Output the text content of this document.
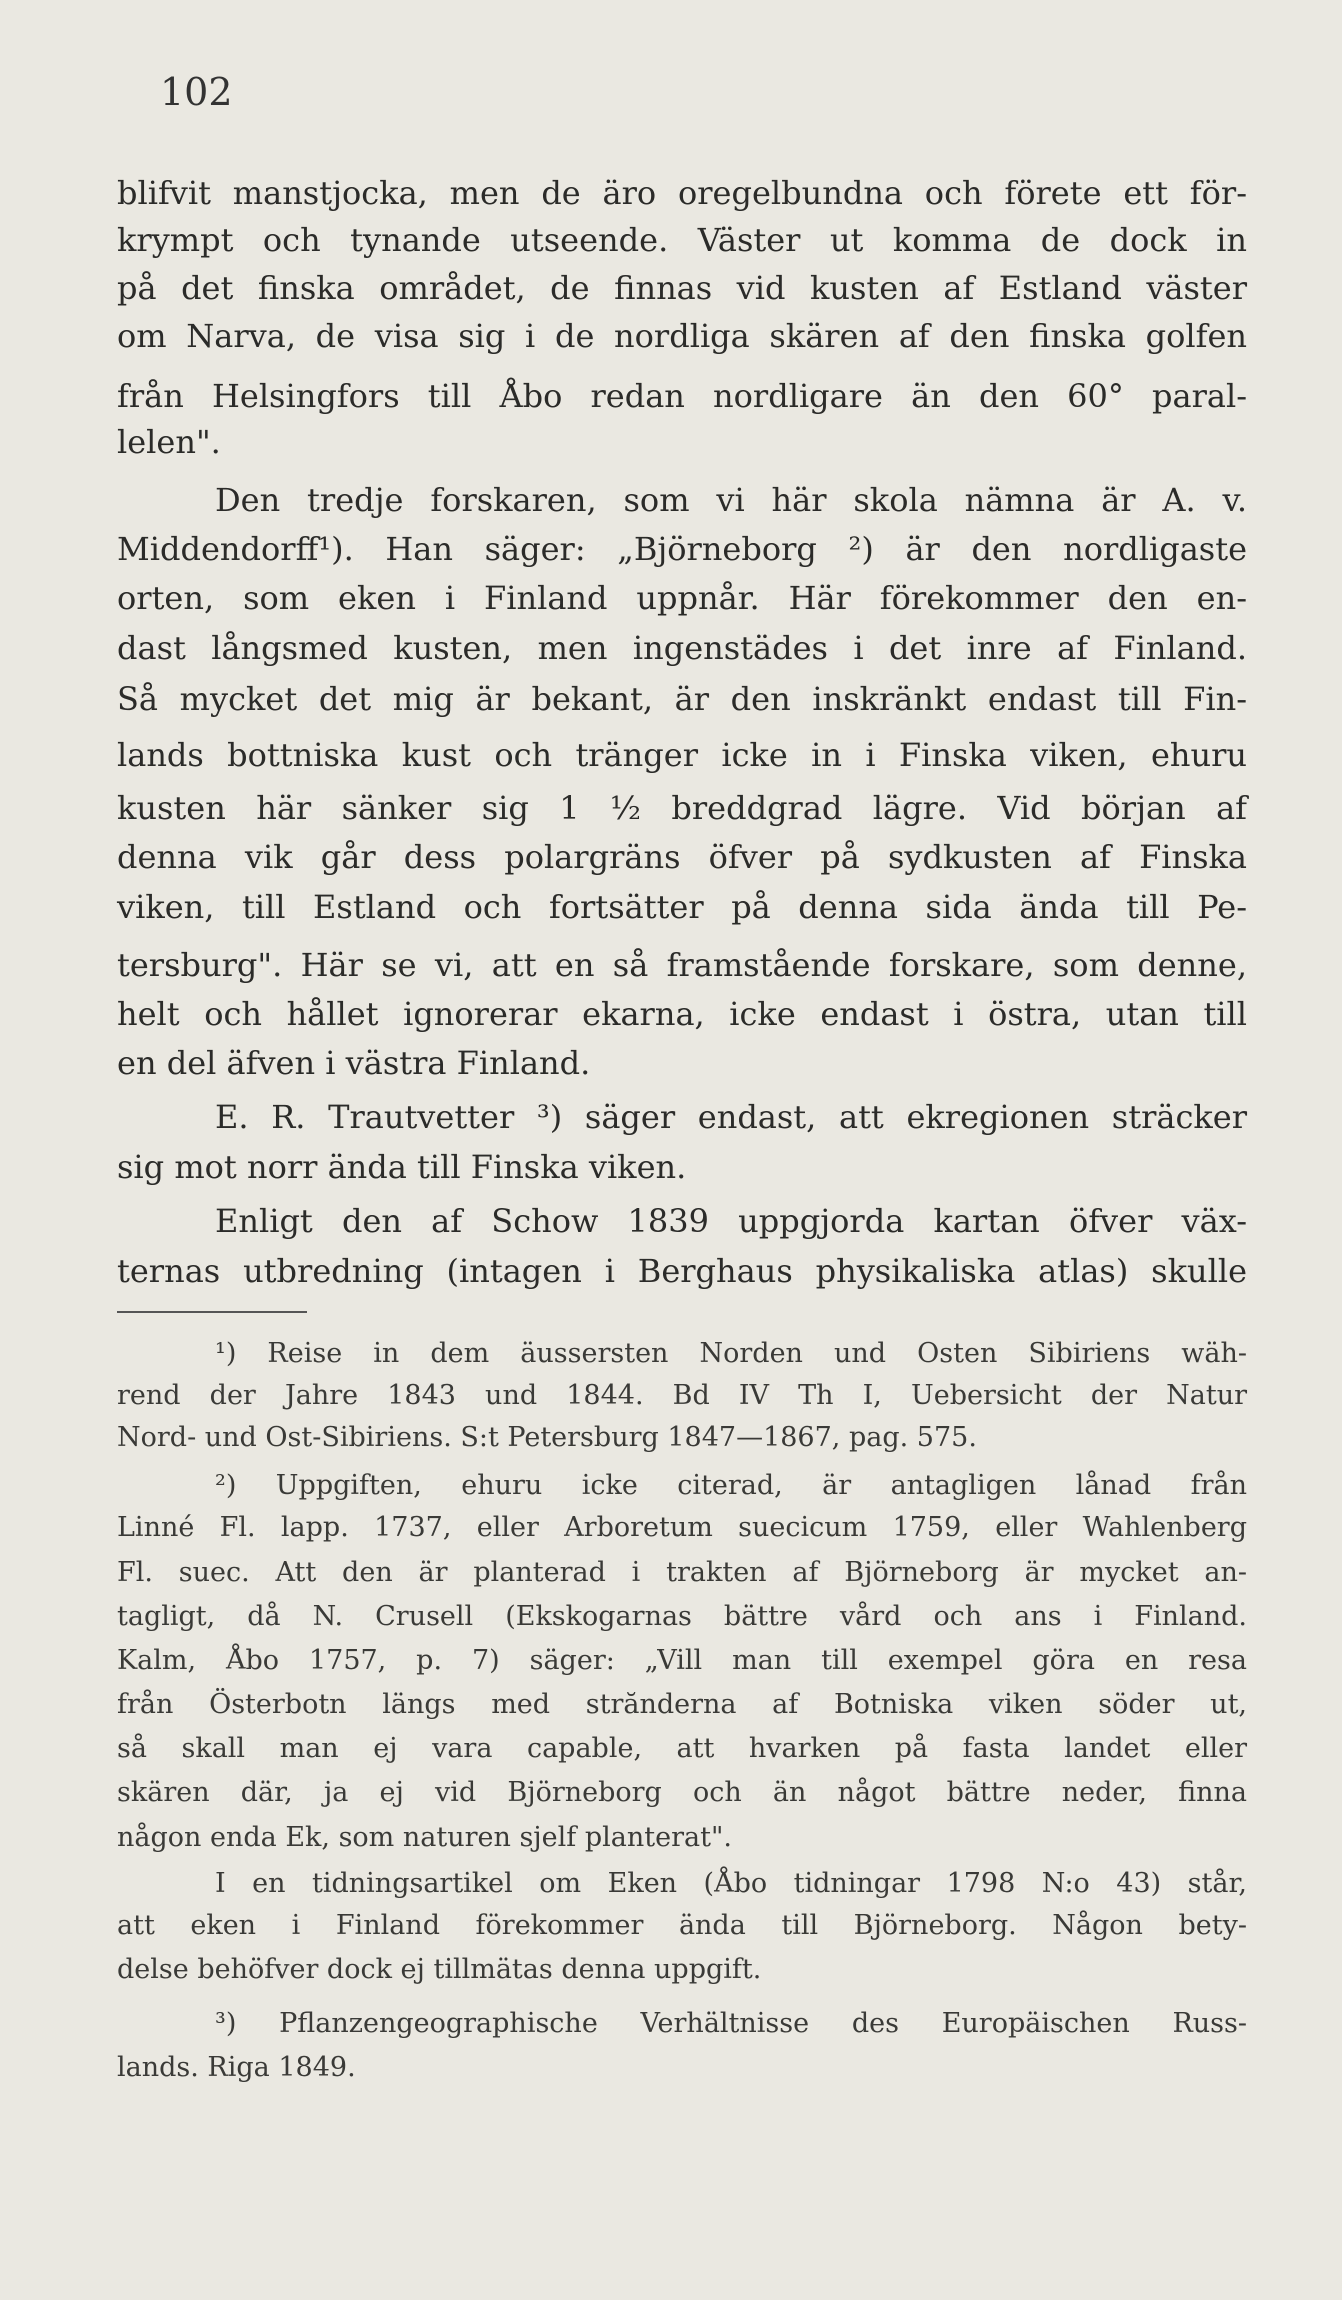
102
blifvit manstjocka, men de äro oregelbundna och förete ett för-
krympt och tynande utseende. Väster ut komma de dock in
på det finska området, de finnas vid kusten af Estland väster
om Narva, de visa sig i de nordliga skären af den finska golfen
från Helsingfors till Åbo redan nordligare än den 60° paral-
lelen".
Den tredje forskaren, som vi här skola nämna är A. v.
Middendorff¹). Han säger: „Björneborg ²) är den nordligaste
orten, som eken i Finland uppnår. Här förekommer den en-
dast långsmed kusten, men ingenstädes i det inre af Finland.
Så mycket det mig är bekant, är den inskränkt endast till Fin-
lands bottniska kust och tränger icke in i Finska viken, ehuru
kusten här sänker sig 1 ½ breddgrad lägre. Vid början af
denna vik går dess polargräns öfver på sydkusten af Finska
viken, till Estland och fortsätter på denna sida ända till Pe-
tersburg". Här se vi, att en så framstående forskare, som denne,
helt och hållet ignorerar ekarna, icke endast i östra, utan till
en del äfven i västra Finland.
E. R. Trautvetter ³) säger endast, att ekregionen sträcker
sig mot norr ända till Finska viken.
Enligt den af Schow 1839 uppgjorda kartan öfver väx-
ternas utbredning (intagen i Berghaus physikaliska atlas) skulle
¹) Reise in dem äussersten Norden und Osten Sibiriens wäh-
rend der Jahre 1843 und 1844. Bd IV Th I, Uebersicht der Natur
Nord- und Ost-Sibiriens. S:t Petersburg 1847—1867, pag. 575.
²) Uppgiften, ehuru icke citerad, är antagligen lånad från
Linné Fl. lapp. 1737, eller Arboretum suecicum 1759, eller Wahlenberg
Fl. suec. Att den är planterad i trakten af Björneborg är mycket an-
tagligt, då N. Crusell (Ekskogarnas bättre vård och ans i Finland.
Kalm, Åbo 1757, p. 7) säger: „Vill man till exempel göra en resa
från Österbotn längs med strănderna af Botniska viken söder ut,
så skall man ej vara capable, att hvarken på fasta landet eller
skären där, ja ej vid Björneborg och än något bättre neder, finna
någon enda Ek, som naturen sjelf planterat".
I en tidningsartikel om Eken (Åbo tidningar 1798 N:o 43) står,
att eken i Finland förekommer ända till Björneborg. Någon bety-
delse behöfver dock ej tillmätas denna uppgift.
³) Pflanzengeographische Verhältnisse des Europäischen Russ-
lands. Riga 1849.
